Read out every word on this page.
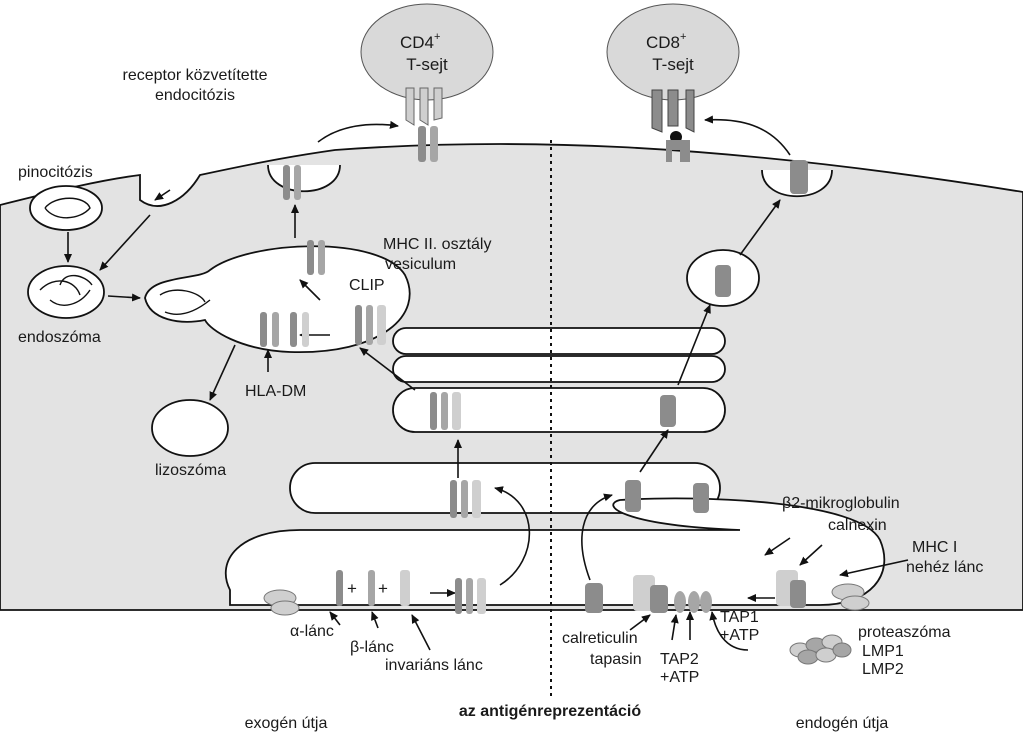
CD4+
T-sejt
CD8+
T-sejt
receptor közvetítette
endocitózis
pinocitózis
endoszóma
lizoszóma
MHC II. osztály
vesiculum
CLIP
HLA-DM
α-lánc
β-lánc
invariáns lánc
+ +
β2-mikroglobulin
calnexin
MHC I
nehéz lánc
calreticulin
tapasin
TAP1
+ATP
TAP2
+ATP
proteaszóma
LMP1
LMP2
az antigénreprezentáció
exogén útja	endogén útja
